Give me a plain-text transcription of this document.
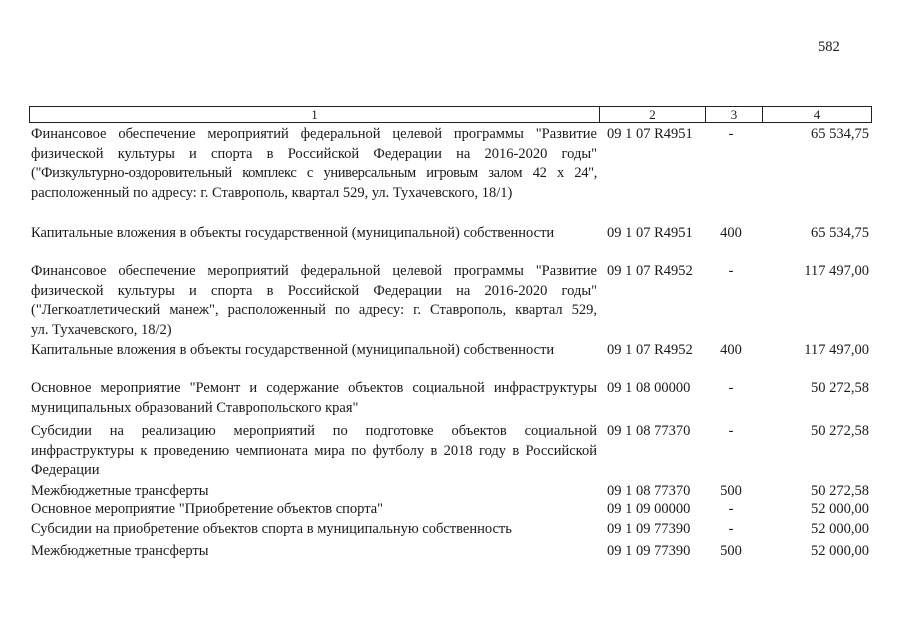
582
1	2	3	4
Финансовое обеспечение мероприятий федеральной целевой программы "Развитие
физической культуры и спорта в Российской Федерации на 2016-2020 годы"
("Физкультурно-оздоровительный комплекс с универсальным игровым залом 42 х 24",
расположенный по адресу: г. Ставрополь, квартал 529, ул. Тухачевского, 18/1)
09 1 07 R4951	-	65 534,75
Капитальные вложения в объекты государственной (муниципальной) собственности	09 1 07 R4951	400	65 534,75
Финансовое обеспечение мероприятий федеральной целевой программы "Развитие
физической культуры и спорта в Российской Федерации на 2016-2020 годы"
("Легкоатлетический манеж", расположенный по адресу: г. Ставрополь, квартал 529,
ул. Тухачевского, 18/2)
09 1 07 R4952	-	117 497,00
Капитальные вложения в объекты государственной (муниципальной) собственности	09 1 07 R4952	400	117 497,00
Основное мероприятие "Ремонт и содержание объектов социальной инфраструктуры
муниципальных образований Ставропольского края"
09 1 08 00000	-	50 272,58
Субсидии на реализацию мероприятий по подготовке объектов социальной
инфраструктуры к проведению чемпионата мира по футболу в 2018 году в Российской
Федерации
09 1 08 77370	-	50 272,58
Межбюджетные трансферты	09 1 08 77370	500	50 272,58
Основное мероприятие "Приобретение объектов спорта"	09 1 09 00000	-	52 000,00
Субсидии на приобретение объектов спорта в муниципальную собственность	09 1 09 77390	-	52 000,00
Межбюджетные трансферты	09 1 09 77390	500	52 000,00
